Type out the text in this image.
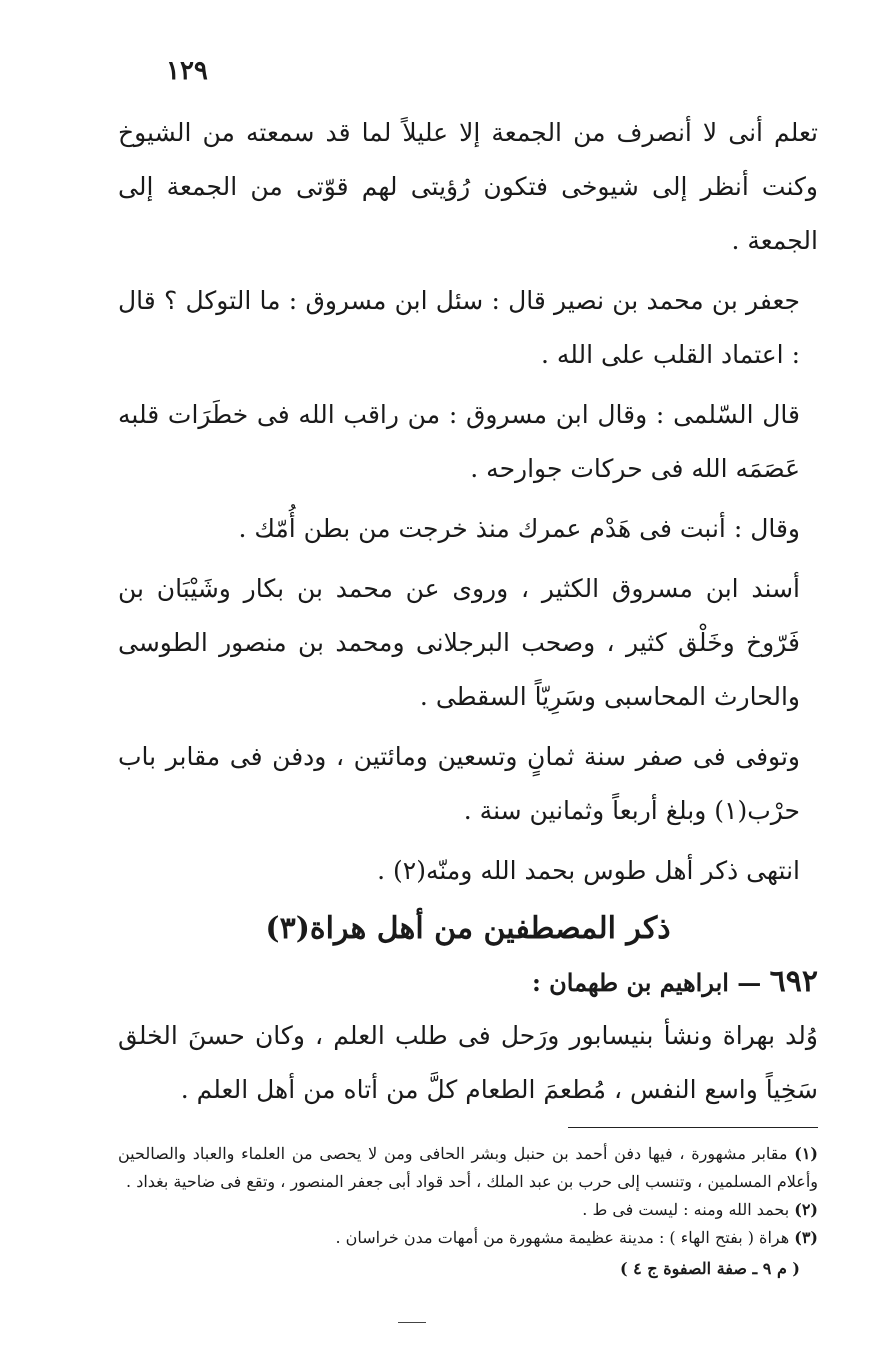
١٢٩

تعلم أنى لا أنصرف من الجمعة إلا عليلاً لما قد سمعته من الشيوخ وكنت أنظر إلى شيوخى فتكون رُؤيتى لهم قوّتى من الجمعة إلى الجمعة .

جعفر بن محمد بن نصير قال : سئل ابن مسروق : ما التوكل ؟ قال : اعتماد القلب على الله .

قال السّلمى : وقال ابن مسروق : من راقب الله فى خطَرَات قلبه عَصَمَه الله فى حركات جوارحه .

وقال : أنبت فى هَدْم عمرك منذ خرجت من بطن أُمّك .

أسند ابن مسروق الكثير ، وروى عن محمد بن بكار وشَيْبَان بن فَرّوخ وخَلْق كثير ، وصحب البرجلانى ومحمد بن منصور الطوسى والحارث المحاسبى وسَرِيّاً السقطى .

وتوفى فى صفر سنة ثمانٍ وتسعين ومائتين ، ودفن فى مقابر باب حرْب(١) وبلغ أربعاً وثمانين سنة .

انتهى ذكر أهل طوس بحمد الله ومنّه(٢) .

ذكر المصطفين من أهل هراة(٣)
٦٩٢ — ابراهيم بن طهمان :

وُلد بهراة ونشأ بنيسابور ورَحل فى طلب العلم ، وكان حسنَ الخلق سَخِياً واسع النفس ، مُطعمَ الطعام كلَّ من أتاه من أهل العلم .

(١) مقابر مشهورة ، فيها دفن أحمد بن حنبل وبشر الحافى ومن لا يحصى من العلماء والعباد والصالحين وأعلام المسلمين ، وتنسب إلى حرب بن عبد الملك ، أحد قواد أبى جعفر المنصور ، وتقع فى ضاحية بغداد .

(٢) بحمد الله ومنه : ليست فى ط .

(٣) هراة ( بفتح الهاء ) : مدينة عظيمة مشهورة من أمهات مدن خراسان .

( م ٩ ـ صفة الصفوة ج ٤ )
